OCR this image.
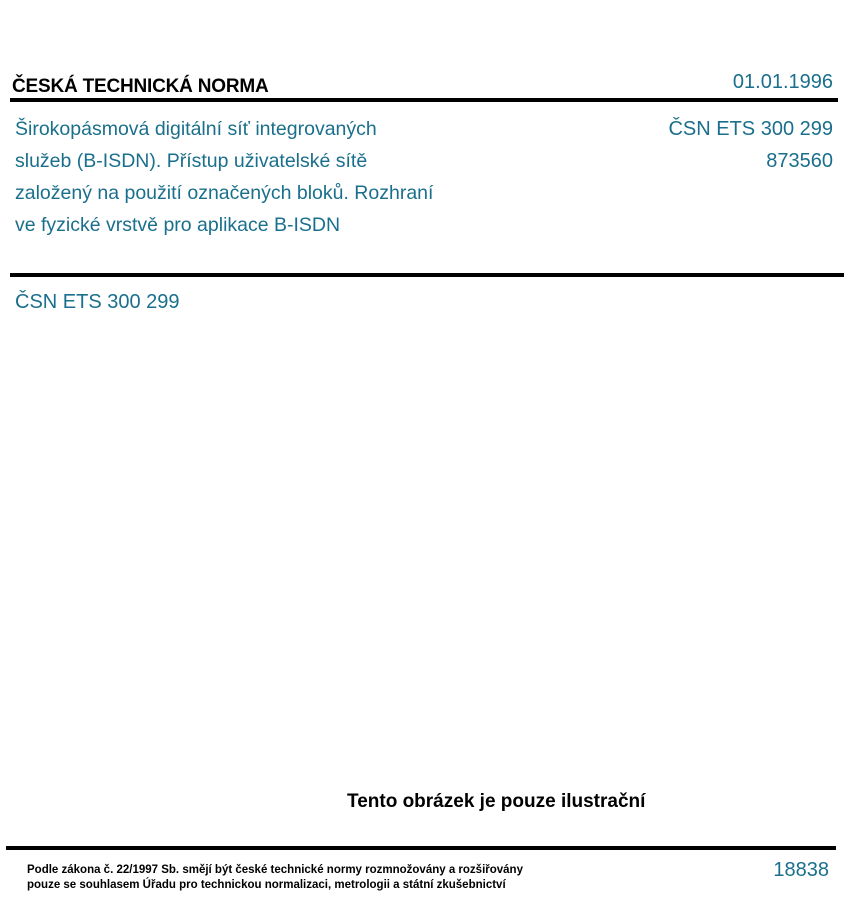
ČESKÁ TECHNICKÁ NORMA	01.01.1996
Širokopásmová digitální síť integrovaných
služeb (B-ISDN). Přístup uživatelské sítě
založený na použití označených bloků. Rozhraní
ve fyzické vrstvě pro aplikace B-ISDN
ČSN ETS 300 299
873560
ČSN ETS 300 299
Tento obrázek je pouze ilustrační
Podle zákona č. 22/1997 Sb. smějí být české technické normy rozmnožovány a rozšiřovány
pouze se souhlasem Úřadu pro technickou normalizaci, metrologii a státní zkušebnictví
18838
